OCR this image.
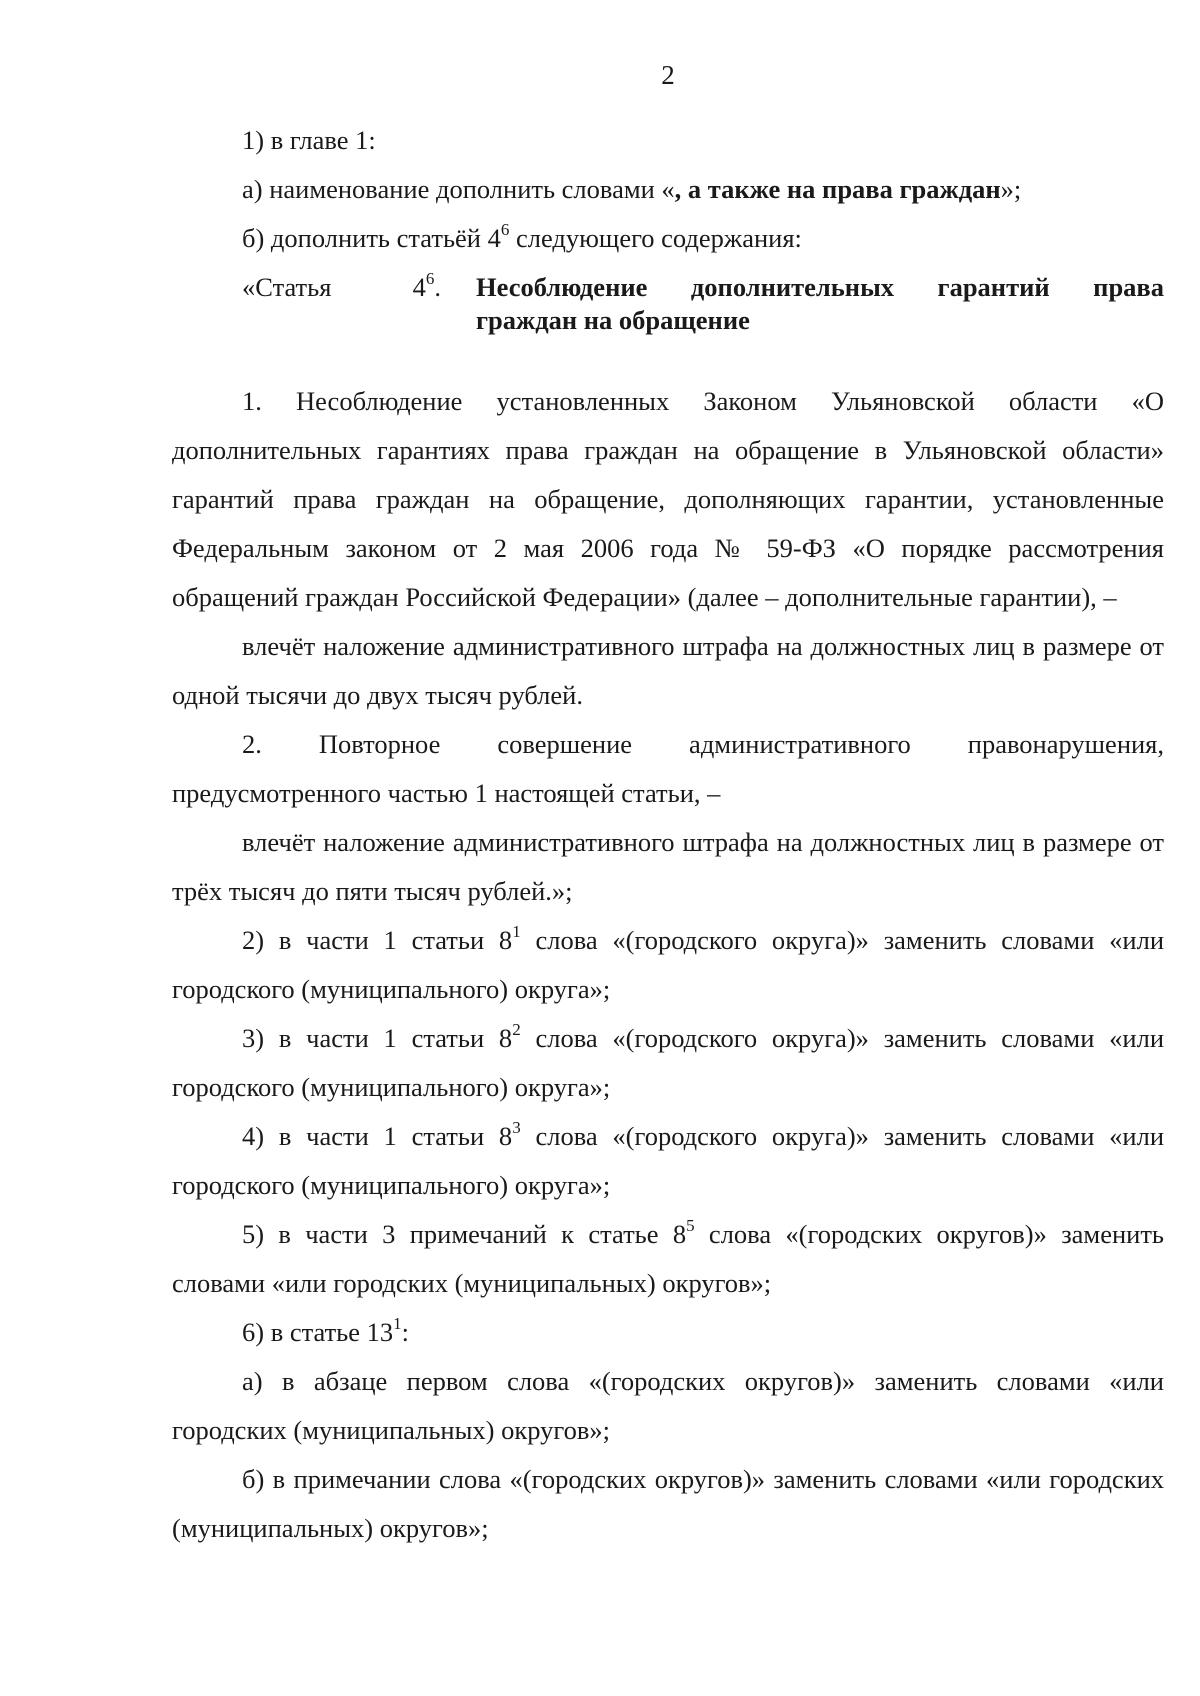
2

1) в главе 1:

а) наименование дополнить словами «, а также на права граждан»;

б) дополнить статьёй $4^6$ следующего содержания:

«Статья	$4^6$. Несоблюдение дополнительных гарантий права
граждан на обращение

1. Несоблюдение установленных Законом Ульяновской области «О дополнительных гарантиях права граждан на обращение в Ульяновской области» гарантий права граждан на обращение, дополняющих гарантии, установленные Федеральным законом от 2 мая 2006 года № 59-ФЗ «О порядке рассмотрения обращений граждан Российской Федерации» (далее – дополнительные гарантии), –

влечёт наложение административного штрафа на должностных лиц в размере от одной тысячи до двух тысяч рублей.

2. Повторное совершение административного правонарушения, предусмотренного частью 1 настоящей статьи, –

влечёт наложение административного штрафа на должностных лиц в размере от трёх тысяч до пяти тысяч рублей.»;

2) в части 1 статьи $8^1$ слова «(городского округа)» заменить словами «или городского (муниципального) округа»;

3) в части 1 статьи $8^2$ слова «(городского округа)» заменить словами «или городского (муниципального) округа»;

4) в части 1 статьи $8^3$ слова «(городского округа)» заменить словами «или городского (муниципального) округа»;

5) в части 3 примечаний к статье $8^5$ слова «(городских округов)» заменить словами «или городских (муниципальных) округов»;

6) в статье $13^1$:

а) в абзаце первом слова «(городских округов)» заменить словами «или городских (муниципальных) округов»;

б) в примечании слова «(городских округов)» заменить словами «или городских (муниципальных) округов»;
